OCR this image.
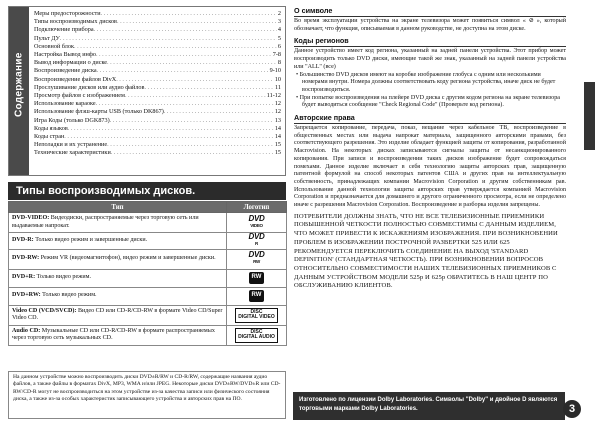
Содержание
Меры предосторожности . . .	2
Типы воспроизводимых дисков . . .	3
Подключение прибора . . .	4
Пульт ДУ . . .	5
Основной блок . . .	6
Настройка Вывод инфо . . .	7-8
Вывод информации о диске . . .	8
Воспроизведение диска . . .	9-10
Воспроизведение файлов DivX . . .	10
Прослушивание дисков или аудио файлов . . .	11
Просмотр файлов с изображением . . .	11-12
Использование караоке . . .	12
Использование флэш-карты USB (только DK867) . . .	12
Игра Коды (только DGK873) . . .	13
Коды языков . . .	14
Коды стран . . .	14
Неполадки и их устранение . . .	15
Технические характеристики . . .	15
Типы воспроизводимых дисков.
Тип	Логотип
DVD-VIDEO: Видеодиски, распространяемые через торговую сеть или выдаваемые напрокат.	DVD
VIDEO

DVD-R: Только видео режим и завершенные диски.	DVD
R

DVD-RW: Режим VR (видеомагнитофон), видео режим и завершенные диски.	DVD
RW

DVD+R: Только видео режим.	RW
DVD+RW: Только видео режим.	RW
Video CD (VCD/SVCD): Видео CD или CD-R/CD-RW в формате Video CD/Super Video CD.	DISC
DIGITAL VIDEO
Audio CD: Музыкальные CD или CD-R/CD-RW в формате распространяемых через торговую сеть музыкальных CD.	DISC
DIGITAL AUDIO
На данном устройстве можно воспроизводить диски DVD±R/RW и CD-R/RW, содержащие названия аудио файлов, а также файлы в форматах DivX, MP3, WMA и/или JPEG. Некоторые диски DVD±RW/DVD±R или CD-RW/CD-R могут не воспроизводиться на этом устройстве из-за качества записи или физического состояния диска, а также из-за особых характеристик записывающего устройства и авторских прав на ПО.
О символе
Во время эксплуатации устройства на экране телевизора может появиться символ « ⊘ », который обозначает, что функция, описываемая в данном руководстве, не доступна на этом диске.
Коды регионов
Данное устройство имеет код региона, указанный на задней панели устройства. Этот прибор может воспроизводить только DVD диски, имеющие такой же знак, указанный на задней панели устройства или "ALL" (все)
• Большинство DVD дисков имеют на коробке изображение глобуса с одним или несколькими номерами внутри. Номера должны соответствовать коду региона устройства, иначе диск не будет воспроизводиться.
• При попытке воспроизведения на плейере DVD диска с другим кодом региона на экране телевизора будет выводиться сообщение "Check Regional Code" (Проверьте код региона).
Авторские права
Запрещается копирование, передача, показ, вещание через кабельное ТВ, воспроизведение в общественных местах или выдача напрокат материала, защищенного авторскими правами, без соответствующего разрешения. Это изделие обладает функцией защиты от копирования, разработанной Macrovision. На некоторых дисках записываются сигналы защиты от несанкционированного копирования. При записи и воспроизведении таких дисков изображение будет сопровождаться помехами. Данное изделие включает в себя технологию защиты авторских прав, защищенную патентной формулой на способ некоторых патентов США и других прав на интеллектуальную собственность, принадлежащих компании Macrovision Corporation и другим собственникам рав. Использование данной технологии защиты авторских прав утверждается компанией Macrovision Corporation и предназначается для домашнего и другого ограниченного просмотра, если не определено иначе с разрешения Macrovision Corporation. Воспроизведение и разборка изделия запрещены.
ПОТРЕБИТЕЛИ ДОЛЖНЫ ЗНАТЬ, ЧТО НЕ ВСЕ ТЕЛЕВИЗИОННЫЕ ПРИЕМНИКИ ПОВЫШЕННОЙ ЧЕТКОСТИ ПОЛНОСТЬЮ СОВМЕСТИМЫ С ДАННЫМ ИЗДЕЛИЕМ, ЧТО МОЖЕТ ПРИВЕСТИ К ИСКАЖЕНИЯМ ИЗОБРАЖЕНИЯ. ПРИ ВОЗНИКНОВЕНИИ ПРОБЛЕМ В ИЗОБРАЖЕНИИ ПОСТРОЧНОЙ РАЗВЕРТКИ 525 ИЛИ 625 РЕКОМЕНДУЕТСЯ ПЕРЕКЛЮЧИТЬ СОЕДИНЕНИЕ НА ВЫХОД 'STANDARD DEFINITION' (СТАНДАРТНАЯ ЧЕТКОСТЬ). ПРИ ВОЗНИКНОВЕНИИ ВОПРОСОВ ОТНОСИТЕЛЬНО СОВМЕСТИМОСТИ НАШИХ ТЕЛЕВИЗИОННЫХ ПРИЕМНИКОВ С ДАННЫМ УСТРОЙСТВОМ МОДЕЛИ 525p И 625p ОБРАТИТЕСЬ В НАШ ЦЕНТР ПО ОБСЛУЖИВАНИЮ КЛИЕНТОВ.
Изготовлено по лицензии Dolby Laboratories. Символы "Dolby" и двойное D являются торговыми марками Dolby Laboratories.	3
